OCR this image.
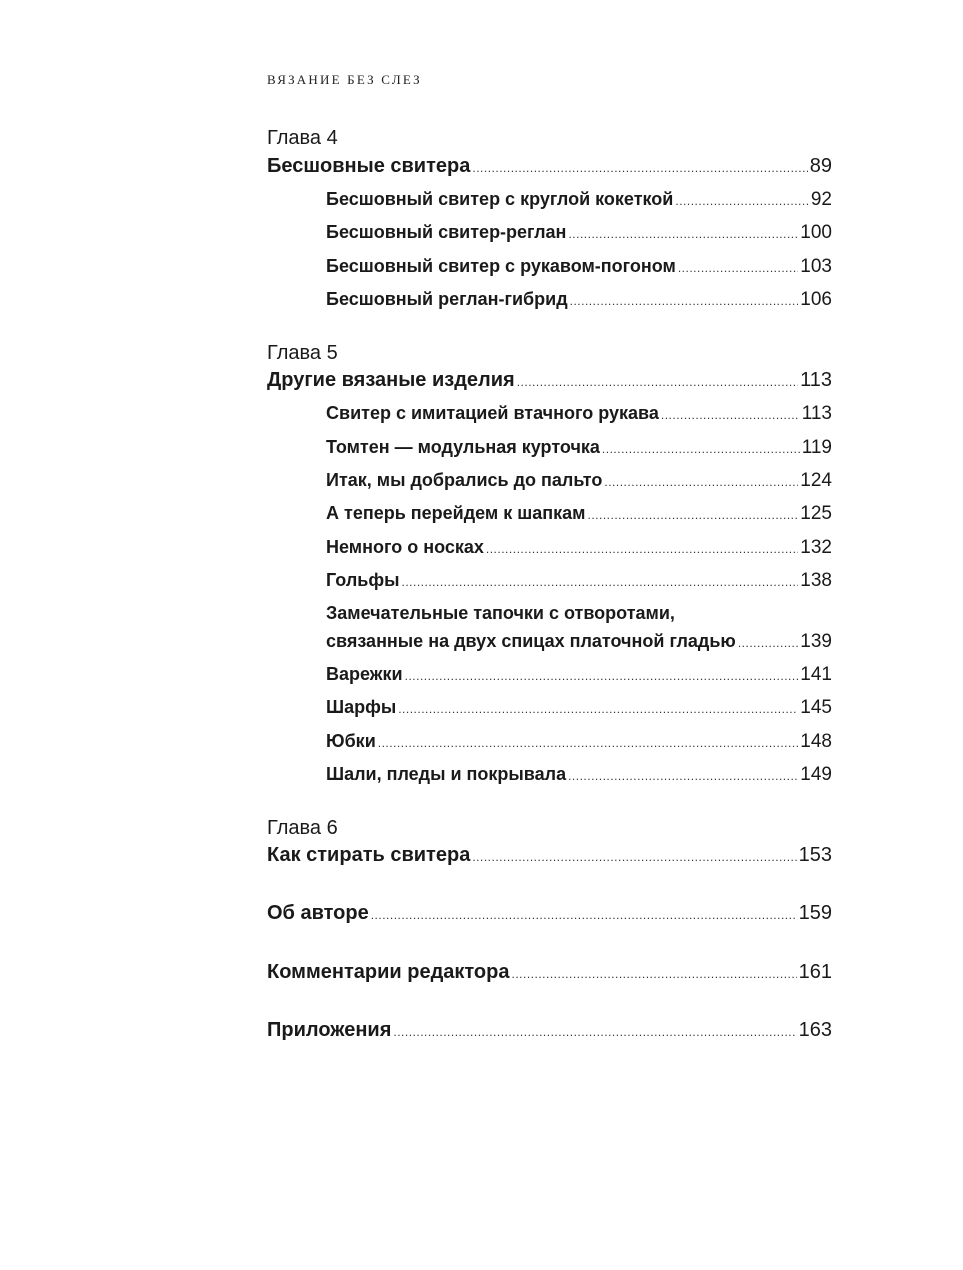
ВЯЗАНИЕ БЕЗ СЛЕЗ
Глава 4
Бесшовные свитера .....	89
Бесшовный свитер с круглой кокеткой .....	92
Бесшовный свитер-реглан .....	100
Бесшовный свитер с рукавом-погоном .....	103
Бесшовный реглан-гибрид .....	106
Глава 5
Другие вязаные изделия .....	113
Свитер с имитацией втачного рукава .....	113
Томтен — модульная курточка .....	119
Итак, мы добрались до пальто .....	124
А теперь перейдем к шапкам .....	125
Немного о носках .....	132
Гольфы .....	138
Замечательные тапочки с отворотами,
связанные на двух спицах платочной гладью .....	139
Варежки .....	141
Шарфы .....	145
Юбки .....	148
Шали, пледы и покрывала .....	149
Глава 6
Как стирать свитера .....	153
Об авторе .....	159
Комментарии редактора .....	161
Приложения .....	163
